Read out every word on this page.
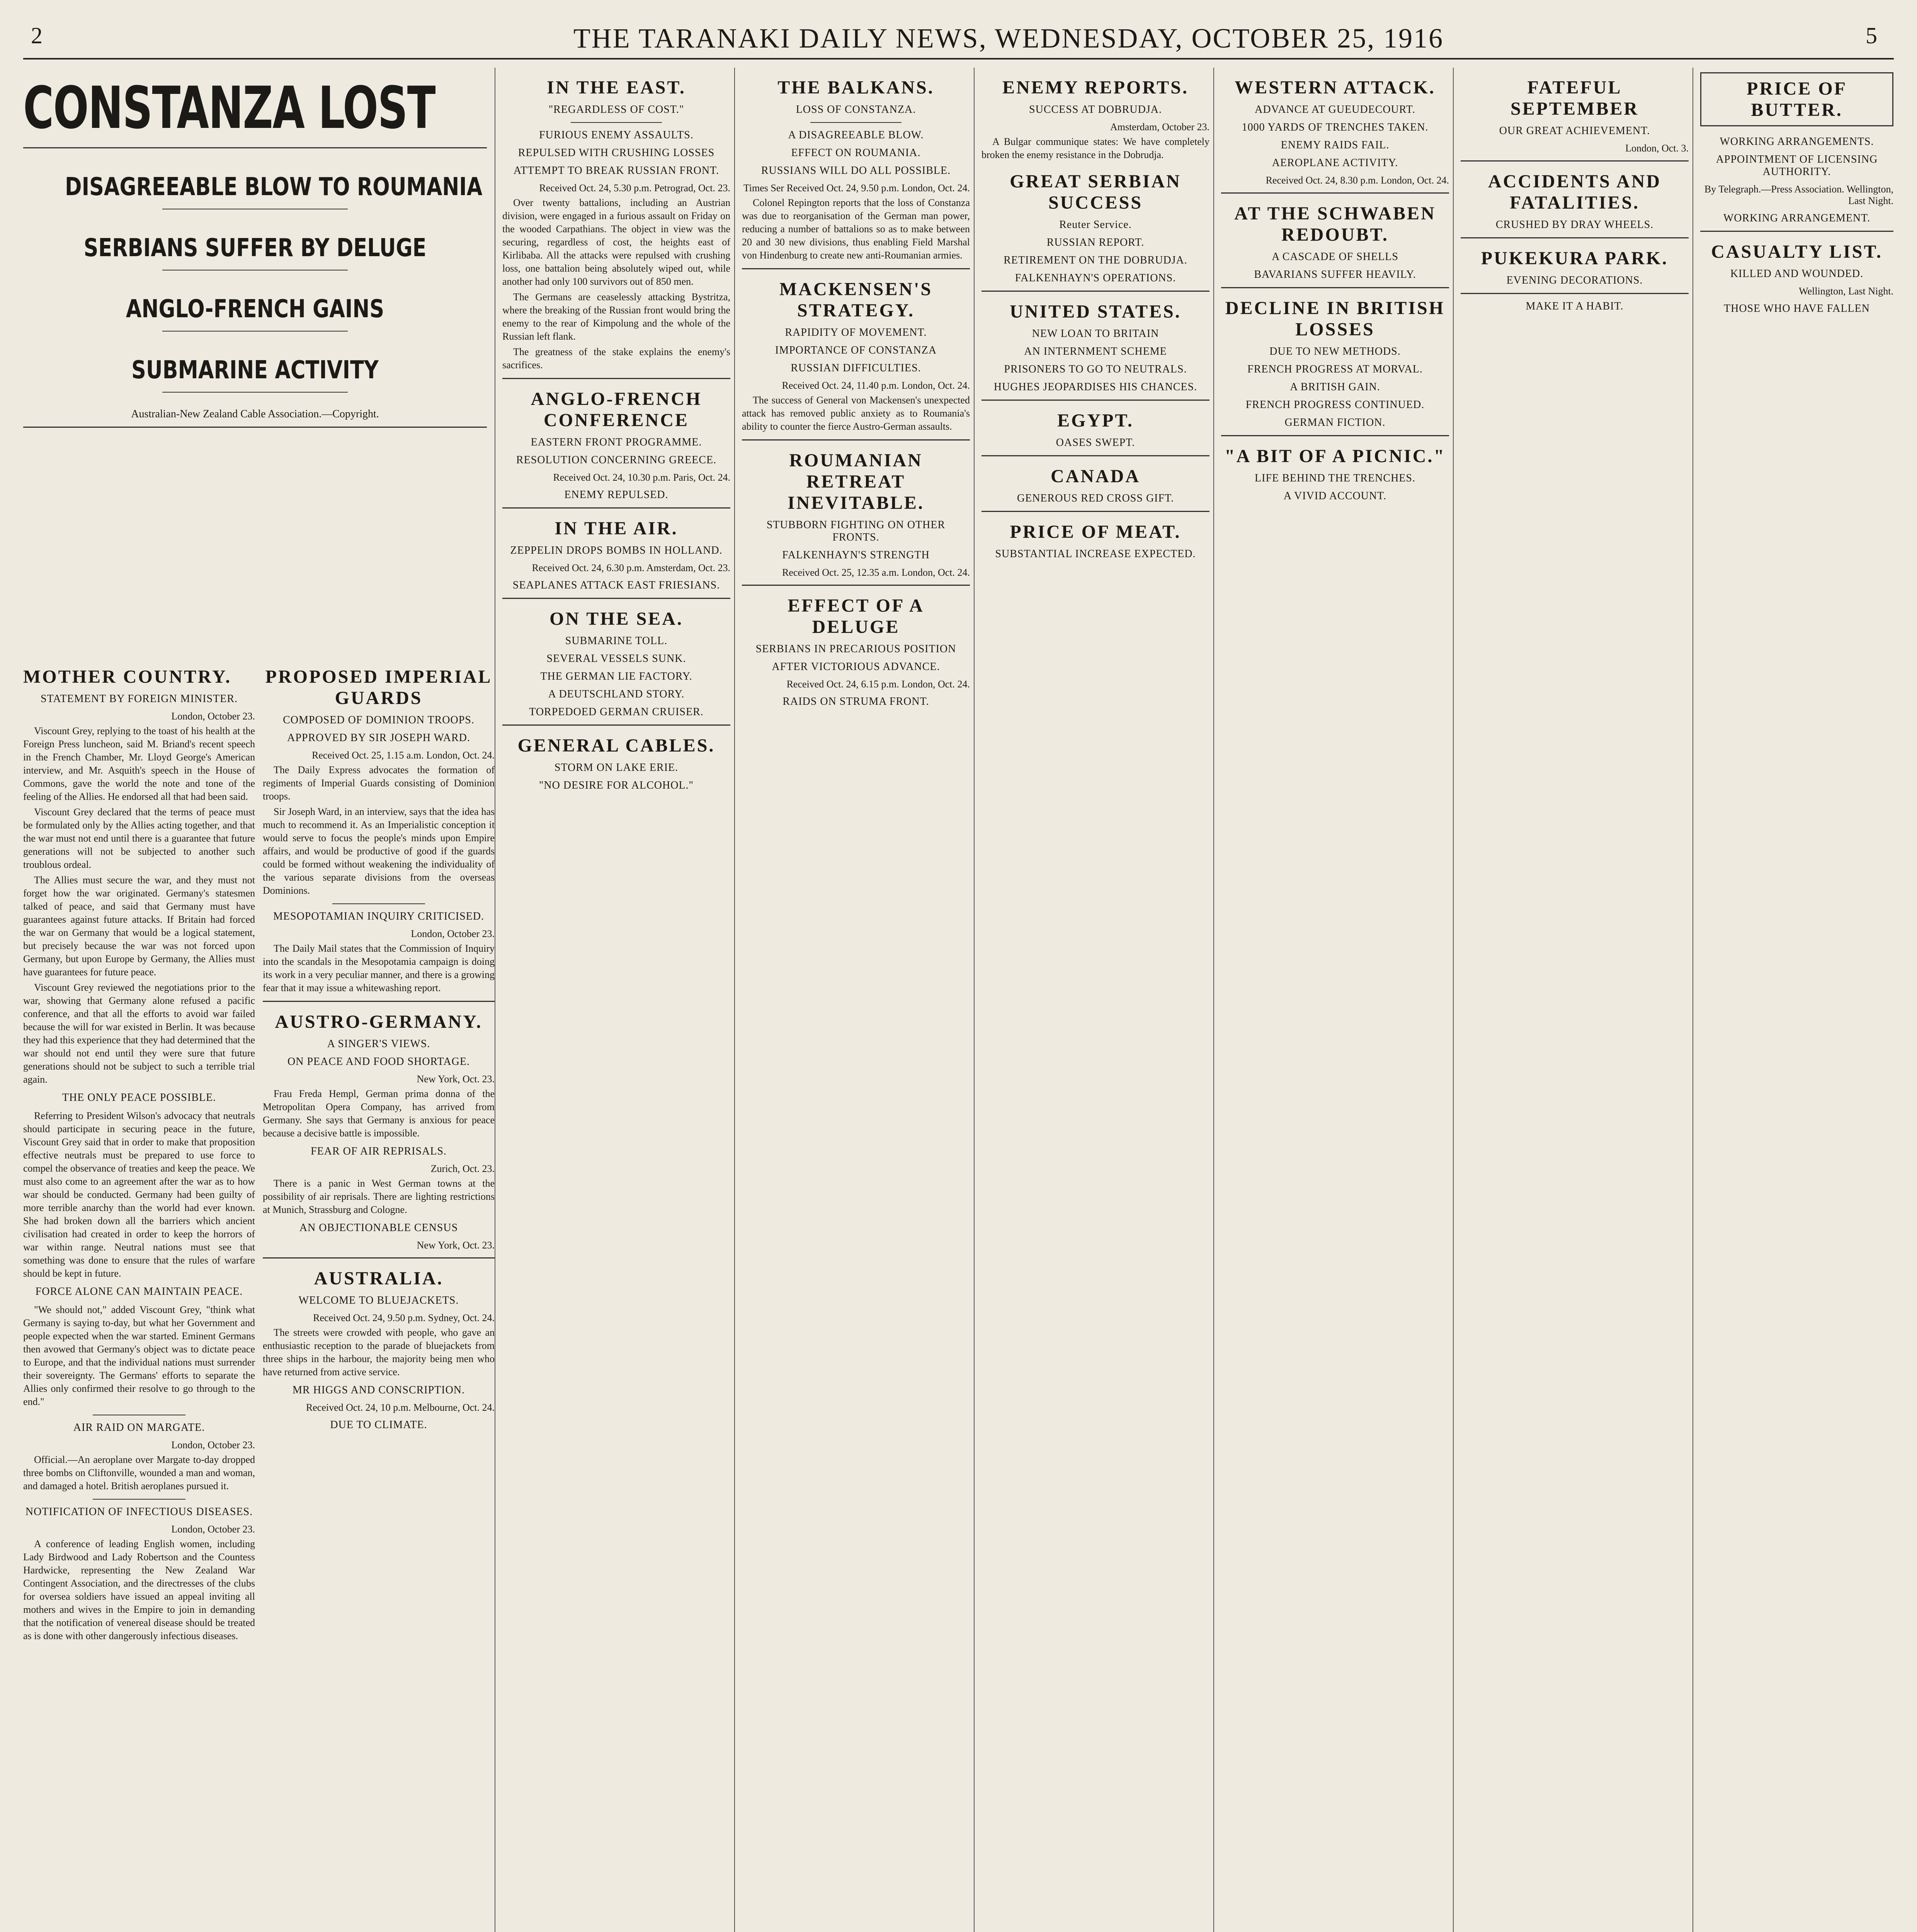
2	THE TARANAKI DAILY NEWS, WEDNESDAY, OCTOBER 25, 1916	5
CONSTANZA LOST
DISAGREEABLE BLOW TO ROUMANIA
SERBIANS SUFFER BY DELUGE
ANGLO-FRENCH GAINS
SUBMARINE ACTIVITY
Australian-New Zealand Cable Association.—Copyright.
MOTHER COUNTRY.
STATEMENT BY FOREIGN MINISTER.
London, October 23.
Viscount Grey, replying to the toast of his health at the Foreign Press luncheon, said M. Briand's recent speech in the French Chamber, Mr. Lloyd George's American interview, and Mr. Asquith's speech in the House of Commons, gave the world the note and tone of the feeling of the Allies. He endorsed all that had been said.
Viscount Grey declared that the terms of peace must be formulated only by the Allies acting together, and that the war must not end until there is a guarantee that future generations will not be subjected to another such troublous ordeal.
The Allies must secure the war, and they must not forget how the war originated. Germany's statesmen talked of peace, and said that Germany must have guarantees against future attacks. If Britain had forced the war on Germany that would be a logical statement, but precisely because the war was not forced upon Germany, but upon Europe by Germany, the Allies must have guarantees for future peace.
Viscount Grey reviewed the negotiations prior to the war, showing that Germany alone refused a pacific conference, and that all the efforts to avoid war failed because the will for war existed in Berlin. It was because they had this experience that they had determined that the war should not end until they were sure that future generations should not be subject to such a terrible trial again.
THE ONLY PEACE POSSIBLE.
Referring to President Wilson's advocacy that neutrals should participate in securing peace in the future, Viscount Grey said that in order to make that proposition effective neutrals must be prepared to use force to compel the observance of treaties and keep the peace. We must also come to an agreement after the war as to how war should be conducted. Germany had been guilty of more terrible anarchy than the world had ever known. She had broken down all the barriers which ancient civilisation had created in order to keep the horrors of war within range. Neutral nations must see that something was done to ensure that the rules of warfare should be kept in future.
FORCE ALONE CAN MAINTAIN PEACE.
"We should not," added Viscount Grey, "think what Germany is saying to-day, but what her Government and people expected when the war started. Eminent Germans then avowed that Germany's object was to dictate peace to Europe, and that the individual nations must surrender their sovereignty. The Germans' efforts to separate the Allies only confirmed their resolve to go through to the end."
AIR RAID ON MARGATE.
London, October 23.
Official.—An aeroplane over Margate to-day dropped three bombs on Cliftonville, wounded a man and woman, and damaged a hotel. British aeroplanes pursued it.
NOTIFICATION OF INFECTIOUS DISEASES.
London, October 23.
A conference of leading English women, including Lady Birdwood and Lady Robertson and the Countess Hardwicke, representing the New Zealand War Contingent Association, and the directresses of the clubs for oversea soldiers have issued an appeal inviting all mothers and wives in the Empire to join in demanding that the notification of venereal disease should be treated as is done with other dangerously infectious diseases.
PROPOSED IMPERIAL GUARDS
COMPOSED OF DOMINION TROOPS.
APPROVED BY SIR JOSEPH WARD.
Received Oct. 25, 1.15 a.m. London, Oct. 24.
The Daily Express advocates the formation of regiments of Imperial Guards consisting of Dominion troops.
Sir Joseph Ward, in an interview, says that the idea has much to recommend it. As an Imperialistic conception it would serve to focus the people's minds upon Empire affairs, and would be productive of good if the guards could be formed without weakening the individuality of the various separate divisions from the overseas Dominions.
MESOPOTAMIAN INQUIRY CRITICISED.
London, October 23.
The Daily Mail states that the Commission of Inquiry into the scandals in the Mesopotamia campaign is doing its work in a very peculiar manner, and there is a growing fear that it may issue a whitewashing report.
AUSTRO-GERMANY.
A SINGER'S VIEWS.
ON PEACE AND FOOD SHORTAGE.
New York, Oct. 23.
Frau Freda Hempl, German prima donna of the Metropolitan Opera Company, has arrived from Germany. She says that Germany is anxious for peace because a decisive battle is impossible.
FEAR OF AIR REPRISALS.
Zurich, Oct. 23.
There is a panic in West German towns at the possibility of air reprisals. There are lighting restrictions at Munich, Strassburg and Cologne.
AN OBJECTIONABLE CENSUS
New York, Oct. 23.
AUSTRALIA.
WELCOME TO BLUEJACKETS.
Received Oct. 24, 9.50 p.m. Sydney, Oct. 24.
The streets were crowded with people, who gave an enthusiastic reception to the parade of bluejackets from three ships in the harbour, the majority being men who have returned from active service.
MR HIGGS AND CONSCRIPTION.
Received Oct. 24, 10 p.m. Melbourne, Oct. 24.
DUE TO CLIMATE.
IN THE EAST.
"REGARDLESS OF COST."
FURIOUS ENEMY ASSAULTS.
REPULSED WITH CRUSHING LOSSES
ATTEMPT TO BREAK RUSSIAN FRONT.
Received Oct. 24, 5.30 p.m. Petrograd, Oct. 23.
Over twenty battalions, including an Austrian division, were engaged in a furious assault on Friday on the wooded Carpathians. The object in view was the securing, regardless of cost, the heights east of Kirlibaba. All the attacks were repulsed with crushing loss, one battalion being absolutely wiped out, while another had only 100 survivors out of 850 men.
The Germans are ceaselessly attacking Bystritza, where the breaking of the Russian front would bring the enemy to the rear of Kimpolung and the whole of the Russian left flank.
The greatness of the stake explains the enemy's sacrifices.
ANGLO-FRENCH CONFERENCE
EASTERN FRONT PROGRAMME.
RESOLUTION CONCERNING GREECE.
Received Oct. 24, 10.30 p.m. Paris, Oct. 24.
ENEMY REPULSED.
IN THE AIR.
ZEPPELIN DROPS BOMBS IN HOLLAND.
Received Oct. 24, 6.30 p.m. Amsterdam, Oct. 23.
SEAPLANES ATTACK EAST FRIESIANS.
ON THE SEA.
SUBMARINE TOLL.
SEVERAL VESSELS SUNK.
THE GERMAN LIE FACTORY.
A DEUTSCHLAND STORY.
TORPEDOED GERMAN CRUISER.
GENERAL CABLES.
STORM ON LAKE ERIE.
"NO DESIRE FOR ALCOHOL."
THE BALKANS.
LOSS OF CONSTANZA.
A DISAGREEABLE BLOW.
EFFECT ON ROUMANIA.
RUSSIANS WILL DO ALL POSSIBLE.
Times Ser Received Oct. 24, 9.50 p.m. London, Oct. 24.
Colonel Repington reports that the loss of Constanza was due to reorganisation of the German man power, reducing a number of battalions so as to make between 20 and 30 new divisions, thus enabling Field Marshal von Hindenburg to create new anti-Roumanian armies.
MACKENSEN'S STRATEGY.
RAPIDITY OF MOVEMENT.
IMPORTANCE OF CONSTANZA
RUSSIAN DIFFICULTIES.
Received Oct. 24, 11.40 p.m. London, Oct. 24.
The success of General von Mackensen's unexpected attack has removed public anxiety as to Roumania's ability to counter the fierce Austro-German assaults.
ROUMANIAN RETREAT INEVITABLE.
STUBBORN FIGHTING ON OTHER FRONTS.
FALKENHAYN'S STRENGTH
Received Oct. 25, 12.35 a.m. London, Oct. 24.
EFFECT OF A DELUGE
SERBIANS IN PRECARIOUS POSITION
AFTER VICTORIOUS ADVANCE.
Received Oct. 24, 6.15 p.m. London, Oct. 24.
RAIDS ON STRUMA FRONT.
ENEMY REPORTS.
SUCCESS AT DOBRUDJA.
Amsterdam, October 23.
A Bulgar communique states: We have completely broken the enemy resistance in the Dobrudja.
GREAT SERBIAN SUCCESS
Reuter Service.
RUSSIAN REPORT.
RETIREMENT ON THE DOBRUDJA.
FALKENHAYN'S OPERATIONS.
UNITED STATES.
NEW LOAN TO BRITAIN
AN INTERNMENT SCHEME
PRISONERS TO GO TO NEUTRALS.
HUGHES JEOPARDISES HIS CHANCES.
EGYPT.
OASES SWEPT.
CANADA
GENEROUS RED CROSS GIFT.
PRICE OF MEAT.
SUBSTANTIAL INCREASE EXPECTED.
WESTERN ATTACK.
ADVANCE AT GUEUDECOURT.
1000 YARDS OF TRENCHES TAKEN.
ENEMY RAIDS FAIL.
AEROPLANE ACTIVITY.
Received Oct. 24, 8.30 p.m. London, Oct. 24.
AT THE SCHWABEN REDOUBT.
A CASCADE OF SHELLS
BAVARIANS SUFFER HEAVILY.
DECLINE IN BRITISH LOSSES
DUE TO NEW METHODS.
FRENCH PROGRESS AT MORVAL.
A BRITISH GAIN.
FRENCH PROGRESS CONTINUED.
GERMAN FICTION.
"A BIT OF A PICNIC."
LIFE BEHIND THE TRENCHES.
A VIVID ACCOUNT.
FATEFUL SEPTEMBER
OUR GREAT ACHIEVEMENT.
London, Oct. 3.
ACCIDENTS AND FATALITIES.
CRUSHED BY DRAY WHEELS.
PUKEKURA PARK.
EVENING DECORATIONS.
MAKE IT A HABIT.
PRICE OF BUTTER.
WORKING ARRANGEMENTS.
APPOINTMENT OF LICENSING AUTHORITY.
By Telegraph.—Press Association. Wellington, Last Night.
WORKING ARRANGEMENT.
CASUALTY LIST.
KILLED AND WOUNDED.
Wellington, Last Night.
THOSE WHO HAVE FALLEN
